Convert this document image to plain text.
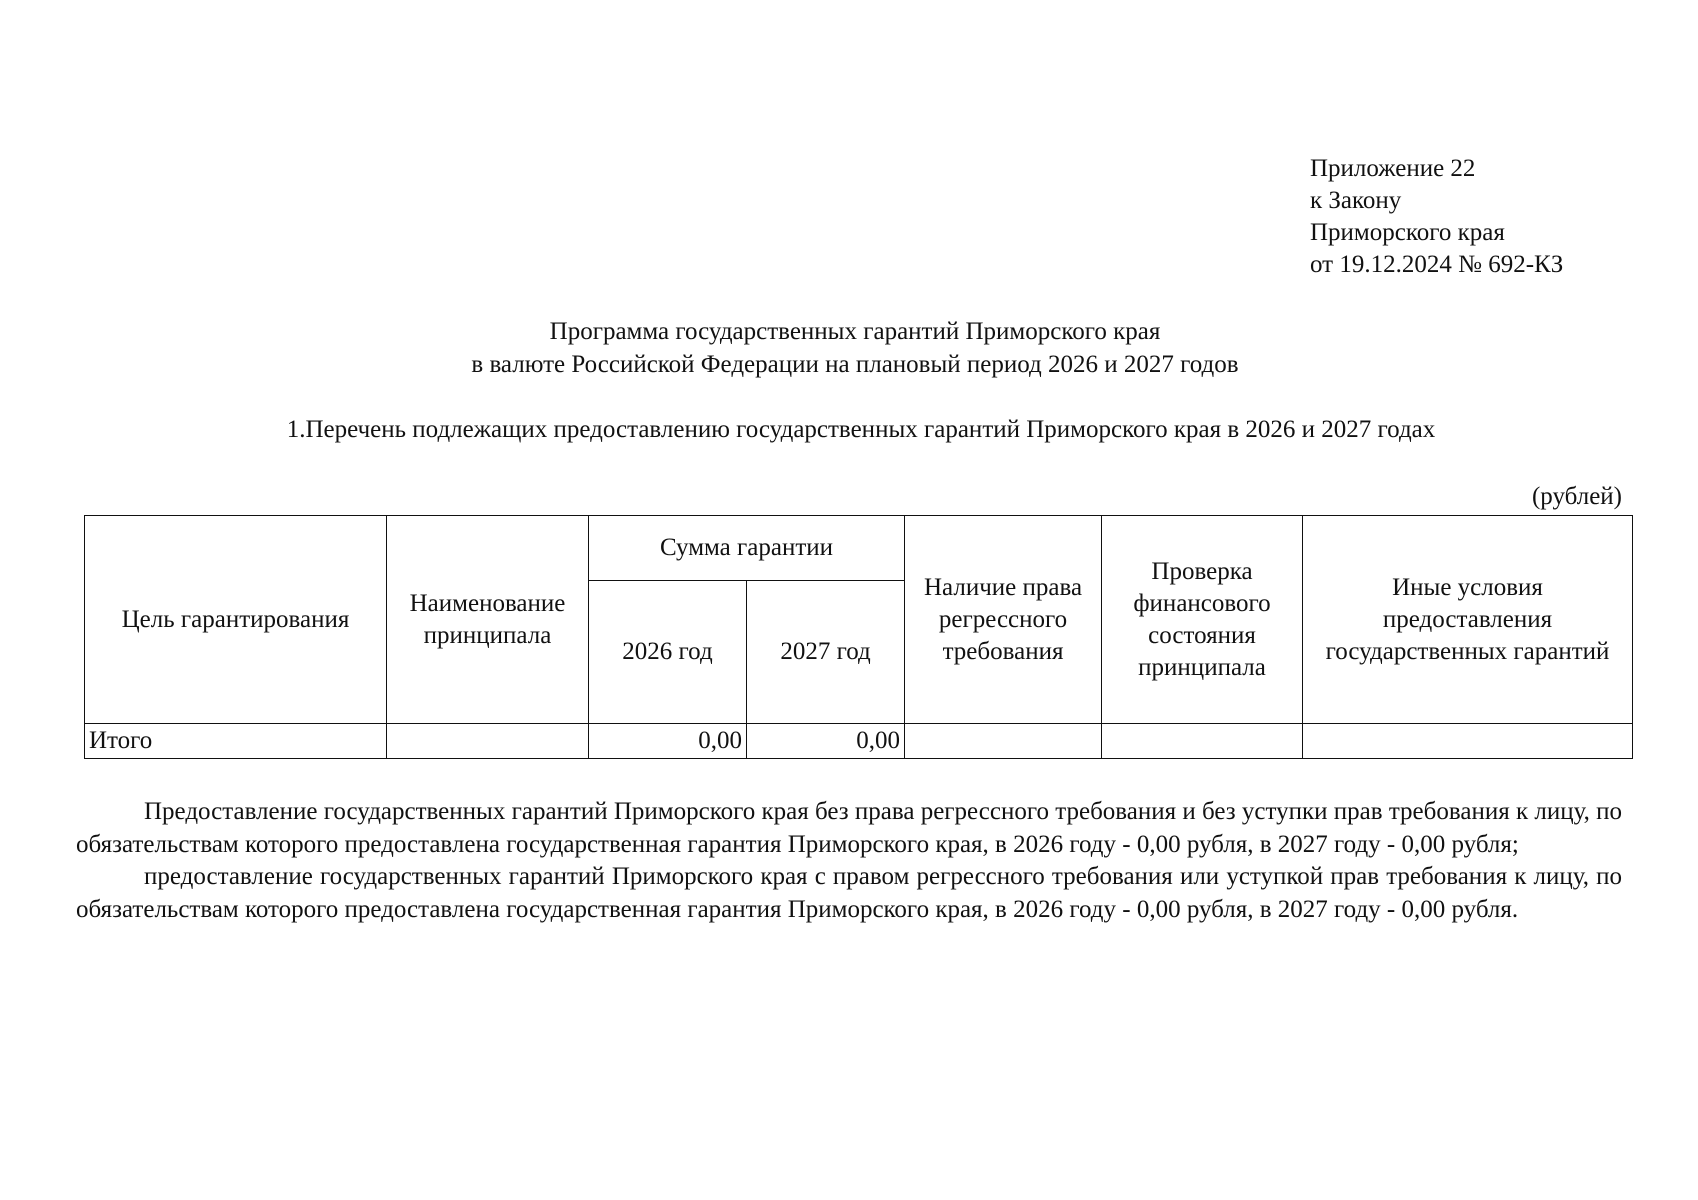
Приложение 22
к Закону
Приморского края
от 19.12.2024 № 692-КЗ
Программа государственных гарантий Приморского края
в валюте Российской Федерации на плановый период 2026 и 2027 годов
1.Перечень подлежащих предоставлению государственных гарантий Приморского края в 2026 и 2027 годах
(рублей)
Цель гарантирования	Наименование принципала	Сумма гарантии		Наличие права регрессного требования	Проверка финансового состояния принципала	Иные условия предоставления государственных гарантий
		2026 год	2027 год			
Итого		0,00	0,00			

Предоставление государственных гарантий Приморского края без права регрессного требования и без уступки прав требования к лицу, по обязательствам которого предоставлена государственная гарантия Приморского края, в 2026 году - 0,00 рубля, в 2027 году - 0,00 рубля;

предоставление государственных гарантий Приморского края с правом регрессного требования или уступкой прав требования к лицу, по обязательствам которого предоставлена государственная гарантия Приморского края, в 2026 году - 0,00 рубля, в 2027 году - 0,00 рубля.
